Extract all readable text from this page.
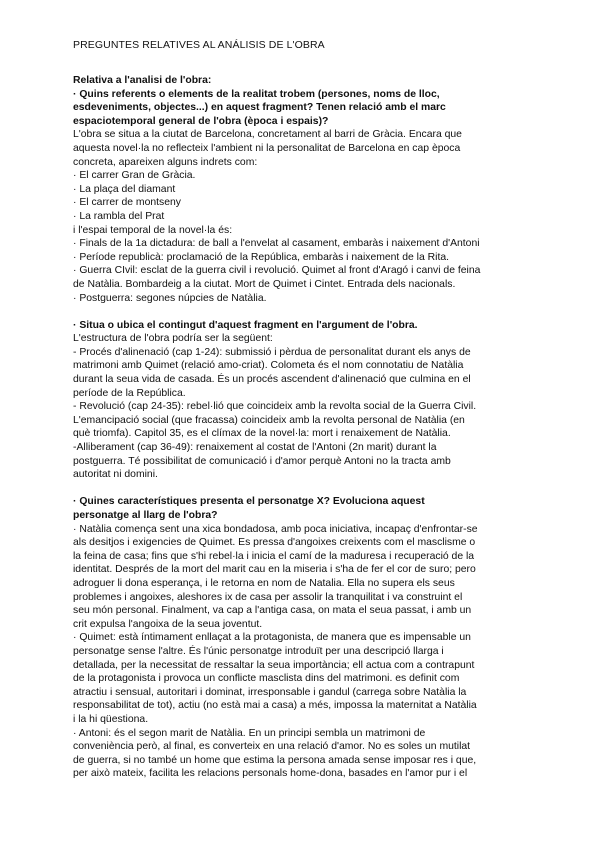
PREGUNTES RELATIVES AL ANÁLISIS DE L'OBRA

Relativa a l'analisi de l'obra:

· Quins referents o elements de la realitat trobem (persones, noms de lloc,

esdeveniments, objectes...) en aquest fragment? Tenen relació amb el marc

espaciotemporal general de l'obra (època i espais)?

L'obra se situa a la ciutat de Barcelona, concretament al barri de Gràcia. Encara que

aquesta novel·la no reflecteix l'ambient ni la personalitat de Barcelona en cap època

concreta, apareixen alguns indrets com:

· El carrer Gran de Gràcia.

· La plaça del diamant

· El carrer de montseny

· La rambla del Prat

i l'espai temporal de la novel·la és:

· Finals de la 1a dictadura: de ball a l'envelat al casament, embaràs i naixement d'Antoni

· Període republicà: proclamació de la República, embaràs i naixement de la Rita.

· Guerra CIvil: esclat de la guerra civil i revolució. Quimet al front d'Aragó i canvi de feina

de Natàlia. Bombardeig a la ciutat. Mort de Quimet i Cintet. Entrada dels nacionals.

· Postguerra: segones núpcies de Natàlia.

· Situa o ubica el contingut d'aquest fragment en l'argument de l'obra.

L'estructura de l'obra podría ser la següent:

- Procés d'alinenació (cap 1-24): submissió i pèrdua de personalitat durant els anys de

matrimoni amb Quimet (relació amo-criat). Colometa és el nom connotatiu de Natàlia

durant la seua vida de casada. És un procés ascendent d'alinenació que culmina en el

període de la República.

- Revolució (cap 24-35): rebel·lió que coincideix amb la revolta social de la Guerra Civil.

L'emancipació social (que fracassa) coincideix amb la revolta personal de Natàlia (en

què triomfa). Capitol 35, es el clímax de la novel·la: mort i renaixement de Natàlia.

-Alliberament (cap 36-49): renaixement al costat de l'Antoni (2n marit) durant la

postguerra. Té possibilitat de comunicació i d'amor perquè Antoni no la tracta amb

autoritat ni domini.

· Quines característiques presenta el personatge X? Evoluciona aquest

personatge al llarg de l'obra?

· Natàlia comença sent una xica bondadosa, amb poca iniciativa, incapaç d'enfrontar-se

als desitjos i exigencies de Quimet. Es pressa d'angoixes creixents com el masclisme o

la feina de casa; fins que s'hi rebel·la i inicia el camí de la maduresa i recuperació de la

identitat. Després de la mort del marit cau en la miseria i s'ha de fer el cor de suro; pero

adroguer li dona esperança, i le retorna en nom de Natalia. Ella no supera els seus

problemes i angoixes, aleshores ix de casa per assolir la tranquilitat i va construint el

seu món personal. Finalment, va cap a l'antiga casa, on mata el seua passat, i amb un

crit expulsa l'angoixa de la seua joventut.

· Quimet: està íntimament enllaçat a la protagonista, de manera que es impensable un

personatge sense l'altre. És l'únic personatge introduït per una descripció llarga i

detallada, per la necessitat de ressaltar la seua importància; ell actua com a contrapunt

de la protagonista i provoca un conflicte masclista dins del matrimoni. es definit com

atractiu i sensual, autoritari i dominat, irresponsable i gandul (carrega sobre Natàlia la

responsabilitat de tot), actiu (no està mai a casa) a més, impossa la maternitat a Natàlia

i la hi qüestiona.

· Antoni: és el segon marit de Natàlia. En un principi sembla un matrimoni de

conveniència però, al final, es converteix en una relació d'amor. No es soles un mutilat

de guerra, si no també un home que estima la persona amada sense imposar res i que,

per això mateix, facilita les relacions personals home-dona, basades en l'amor pur i el
